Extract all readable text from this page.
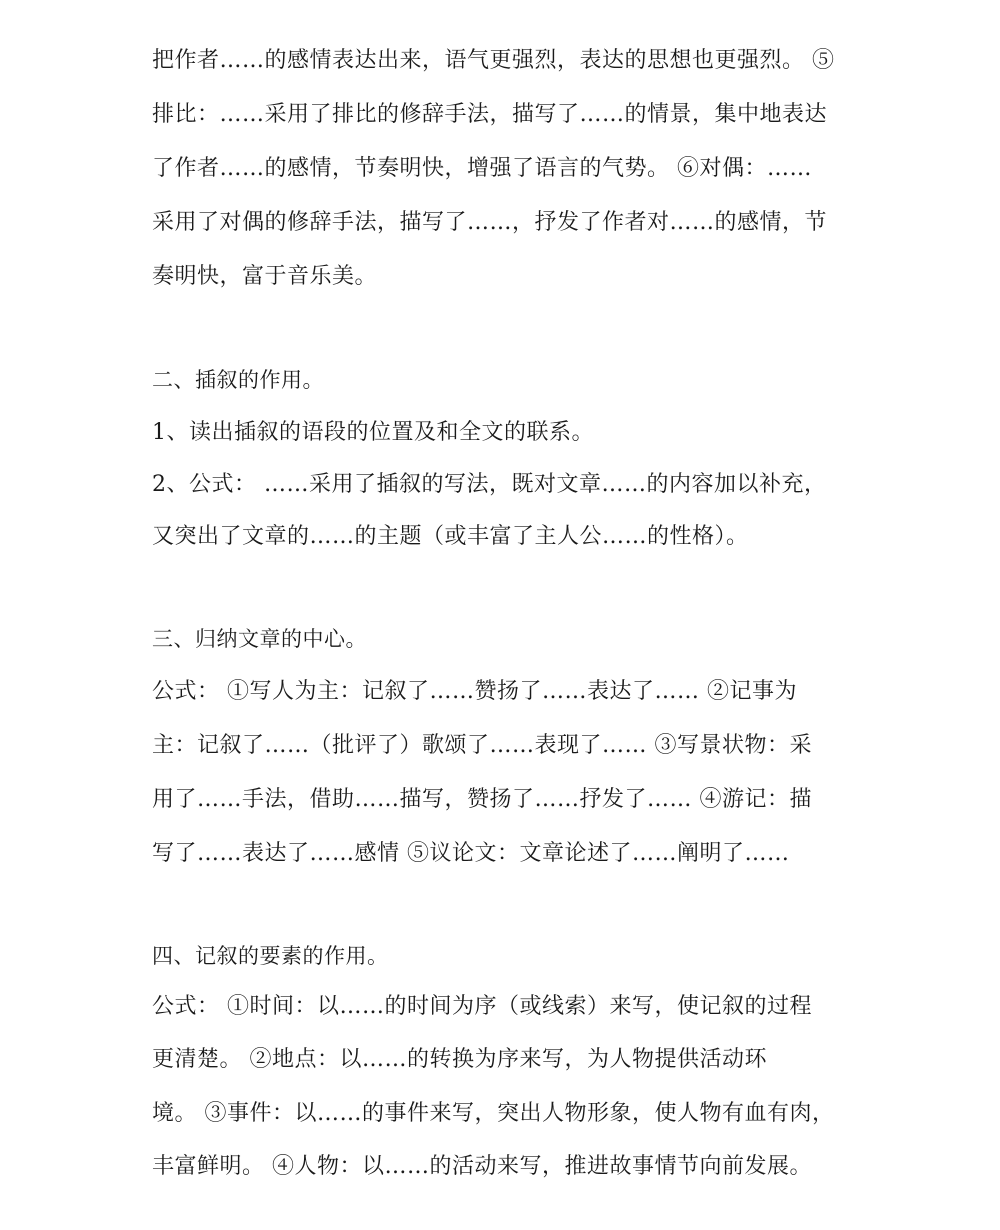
把作者……的感情表达出来，语气更强烈，表达的思想也更强烈。 ⑤
排比：……采用了排比的修辞手法，描写了……的情景，集中地表达
了作者……的感情，节奏明快，增强了语言的气势。 ⑥对偶：……
采用了对偶的修辞手法，描写了……，抒发了作者对……的感情，节
奏明快，富于音乐美。
二、插叙的作用。
1、读出插叙的语段的位置及和全文的联系。
2、公式： ……采用了插叙的写法，既对文章……的内容加以补充，
又突出了文章的……的主题（或丰富了主人公……的性格）。
三、归纳文章的中心。
公式： ①写人为主：记叙了……赞扬了……表达了…… ②记事为
主：记叙了……（批评了）歌颂了……表现了…… ③写景状物：采
用了……手法，借助……描写，赞扬了……抒发了…… ④游记：描
写了……表达了……感情 ⑤议论文：文章论述了……阐明了……
四、记叙的要素的作用。
公式： ①时间：以……的时间为序（或线索）来写，使记叙的过程
更清楚。 ②地点：以……的转换为序来写，为人物提供活动环
境。 ③事件：以……的事件来写，突出人物形象，使人物有血有肉，
丰富鲜明。 ④人物：以……的活动来写，推进故事情节向前发展。
